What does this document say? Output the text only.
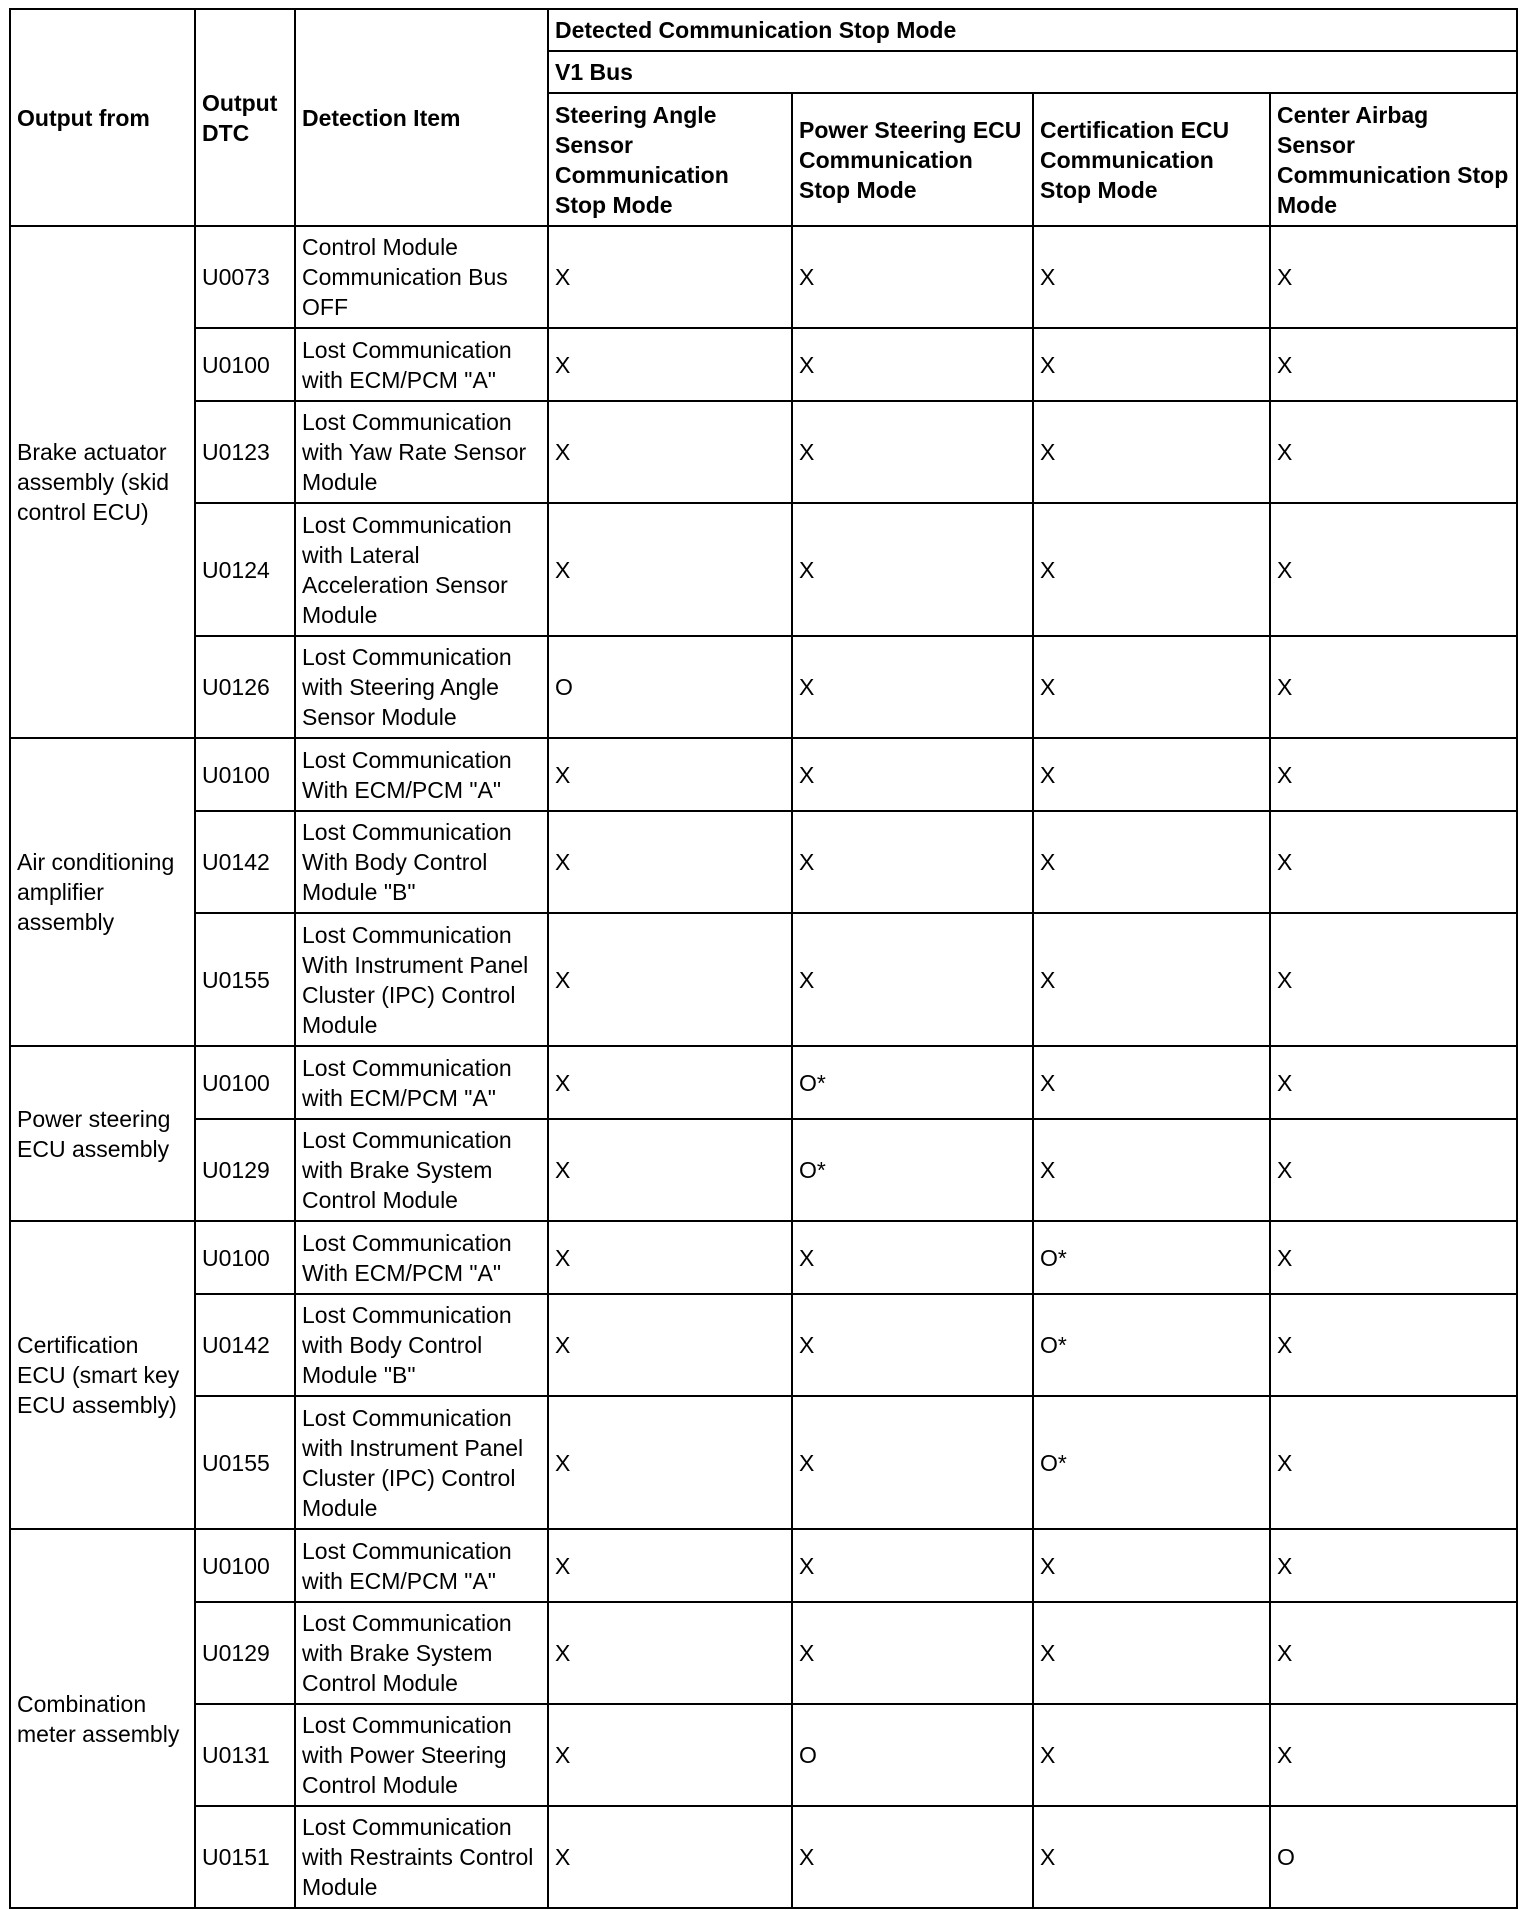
Output from	Output DTC	Detection Item	Detected Communication Stop Mode			
			V1 Bus			
			Steering Angle Sensor Communication Stop Mode	Power Steering ECU Communication Stop Mode	Certification ECU Communication Stop Mode	Center Airbag Sensor Communication Stop Mode
Brake actuator assembly (skid control ECU)	U0073	Control Module Communication Bus OFF	X	X	X	X
	U0100	Lost Communication with ECM/PCM "A"	X	X	X	X
	U0123	Lost Communication with Yaw Rate Sensor Module	X	X	X	X
	U0124	Lost Communication with Lateral Acceleration Sensor Module	X	X	X	X
	U0126	Lost Communication with Steering Angle Sensor Module	O	X	X	X
Air conditioning amplifier assembly	U0100	Lost Communication With ECM/PCM "A"	X	X	X	X
	U0142	Lost Communication With Body Control Module "B"	X	X	X	X
	U0155	Lost Communication With Instrument Panel Cluster (IPC) Control Module	X	X	X	X
Power steering ECU assembly	U0100	Lost Communication with ECM/PCM "A"	X	O*	X	X
	U0129	Lost Communication with Brake System Control Module	X	O*	X	X
Certification ECU (smart key ECU assembly)	U0100	Lost Communication With ECM/PCM "A"	X	X	O*	X
	U0142	Lost Communication with Body Control Module "B"	X	X	O*	X
	U0155	Lost Communication with Instrument Panel Cluster (IPC) Control Module	X	X	O*	X
Combination meter assembly	U0100	Lost Communication with ECM/PCM "A"	X	X	X	X
	U0129	Lost Communication with Brake System Control Module	X	X	X	X
	U0131	Lost Communication with Power Steering Control Module	X	O	X	X
	U0151	Lost Communication with Restraints Control Module	X	X	X	O
